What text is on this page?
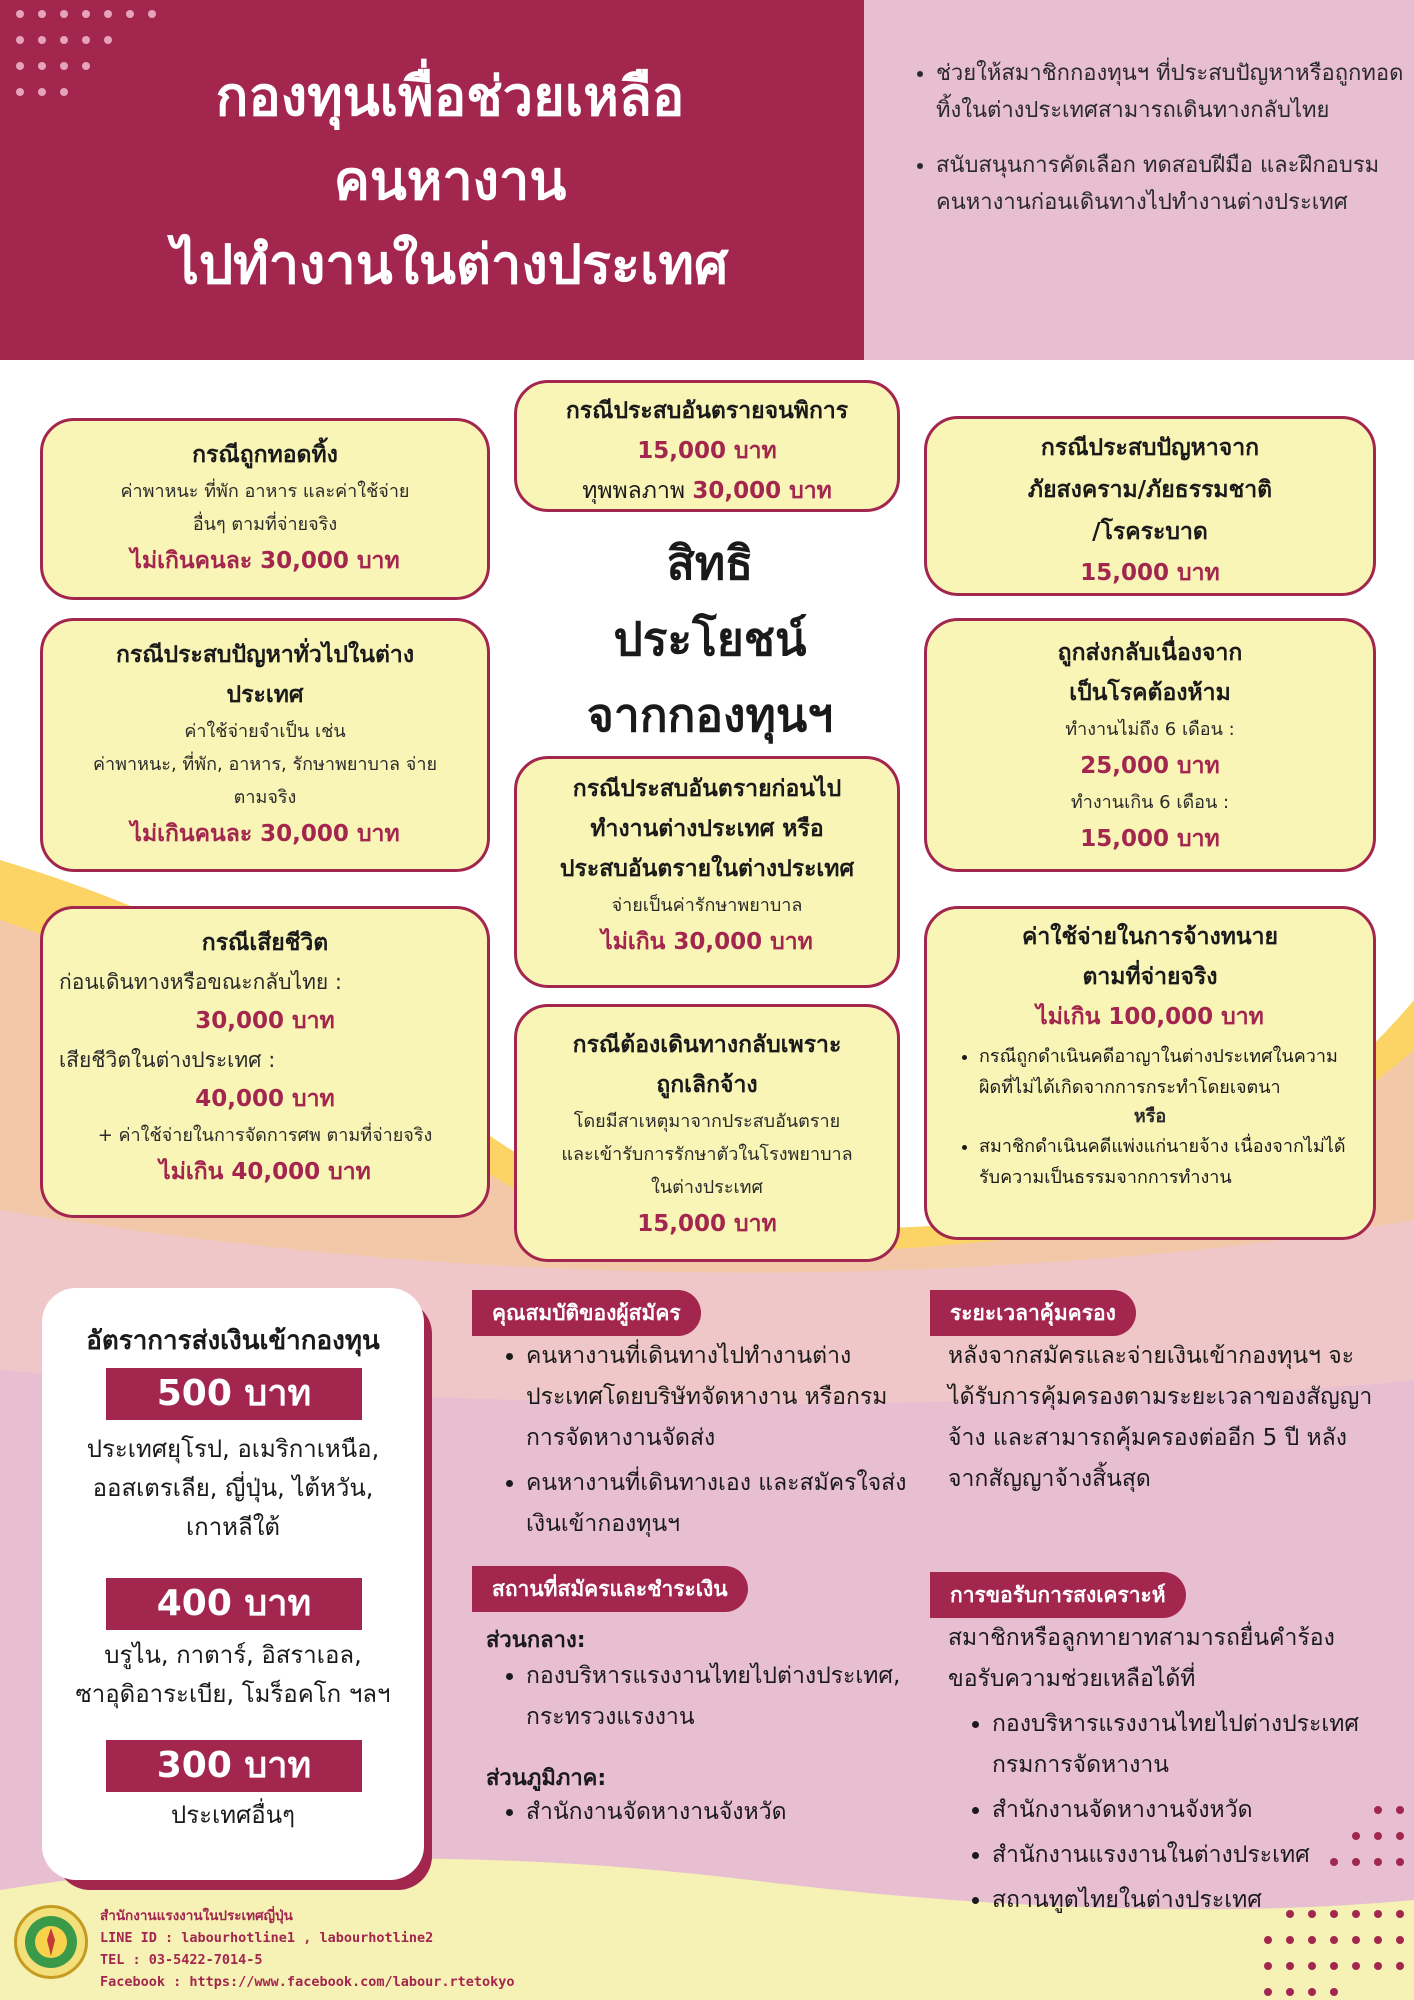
กองทุนเพื่อช่วยเหลือ
คนหางาน
ไปทำงานในต่างประเทศ
• ช่วยให้สมาชิกกองทุนฯ ที่ประสบปัญหาหรือถูกทอดทิ้งในต่างประเทศสามารถเดินทางกลับไทย
• สนับสนุนการคัดเลือก ทดสอบฝีมือ และฝึกอบรมคนหางานก่อนเดินทางไปทำงานต่างประเทศ
กรณีถูกทอดทิ้ง
ค่าพาหนะ ที่พัก อาหาร และค่าใช้จ่าย
อื่นๆ ตามที่จ่ายจริง
ไม่เกินคนละ 30,000 บาท
กรณีประสบปัญหาทั่วไปในต่าง
ประเทศ
ค่าใช้จ่ายจำเป็น เช่น
ค่าพาหนะ, ที่พัก, อาหาร, รักษาพยาบาล จ่าย
ตามจริง
ไม่เกินคนละ 30,000 บาท
กรณีเสียชีวิต
ก่อนเดินทางหรือขณะกลับไทย :
30,000 บาท
เสียชีวิตในต่างประเทศ :
40,000 บาท
+ ค่าใช้จ่ายในการจัดการศพ ตามที่จ่ายจริง
ไม่เกิน 40,000 บาท
กรณีประสบอันตรายจนพิการ
15,000 บาท
ทุพพลภาพ 30,000 บาท
สิทธิ
ประโยชน์
จากกองทุนฯ
กรณีประสบอันตรายก่อนไป
ทำงานต่างประเทศ หรือ
ประสบอันตรายในต่างประเทศ
จ่ายเป็นค่ารักษาพยาบาล
ไม่เกิน 30,000 บาท
กรณีต้องเดินทางกลับเพราะ
ถูกเลิกจ้าง
โดยมีสาเหตุมาจากประสบอันตราย
และเข้ารับการรักษาตัวในโรงพยาบาล
ในต่างประเทศ
15,000 บาท
กรณีประสบปัญหาจาก
ภัยสงคราม/ภัยธรรมชาติ
/โรคระบาด
15,000 บาท
ถูกส่งกลับเนื่องจาก
เป็นโรคต้องห้าม
ทำงานไม่ถึง 6 เดือน :
25,000 บาท
ทำงานเกิน 6 เดือน :
15,000 บาท
ค่าใช้จ่ายในการจ้างทนาย
ตามที่จ่ายจริง
ไม่เกิน 100,000 บาท
• กรณีถูกดำเนินคดีอาญาในต่างประเทศในความผิดที่ไม่ได้เกิดจากการกระทำโดยเจตนา
หรือ
• สมาชิกดำเนินคดีแพ่งแก่นายจ้าง เนื่องจากไม่ได้รับความเป็นธรรมจากการทำงาน
อัตราการส่งเงินเข้ากองทุน
500 บาท
ประเทศยุโรป, อเมริกาเหนือ,
ออสเตรเลีย, ญี่ปุ่น, ไต้หวัน,
เกาหลีใต้
400 บาท
บรูไน, กาตาร์, อิสราเอล,
ซาอุดิอาระเบีย, โมร็อคโก ฯลฯ
300 บาท
ประเทศอื่นๆ
คุณสมบัติของผู้สมัคร
• คนหางานที่เดินทางไปทำงานต่างประเทศโดยบริษัทจัดหางาน หรือกรมการจัดหางานจัดส่ง
• คนหางานที่เดินทางเอง และสมัครใจส่งเงินเข้ากองทุนฯ
ระยะเวลาคุ้มครอง

หลังจากสมัครและจ่ายเงินเข้ากองทุนฯ จะได้รับการคุ้มครองตามระยะเวลาของสัญญาจ้าง และสามารถคุ้มครองต่ออีก 5 ปี หลังจากสัญญาจ้างสิ้นสุด

สถานที่สมัครและชำระเงิน
ส่วนกลาง:
• กองบริหารแรงงานไทยไปต่างประเทศ, กระทรวงแรงงาน
ส่วนภูมิภาค:
• สำนักงานจัดหางานจังหวัด
การขอรับการสงเคราะห์

สมาชิกหรือลูกทายาทสามารถยื่นคำร้องขอรับความช่วยเหลือได้ที่

• กองบริหารแรงงานไทยไปต่างประเทศ กรมการจัดหางาน
• สำนักงานจัดหางานจังหวัด
• สำนักงานแรงงานในต่างประเทศ
• สถานทูตไทยในต่างประเทศ
สำนักงานแรงงานในประเทศญี่ปุ่น
LINE ID : labourhotline1 , labourhotline2
TEL : 03-5422-7014-5
Facebook : https://www.facebook.com/labour.rtetokyo
